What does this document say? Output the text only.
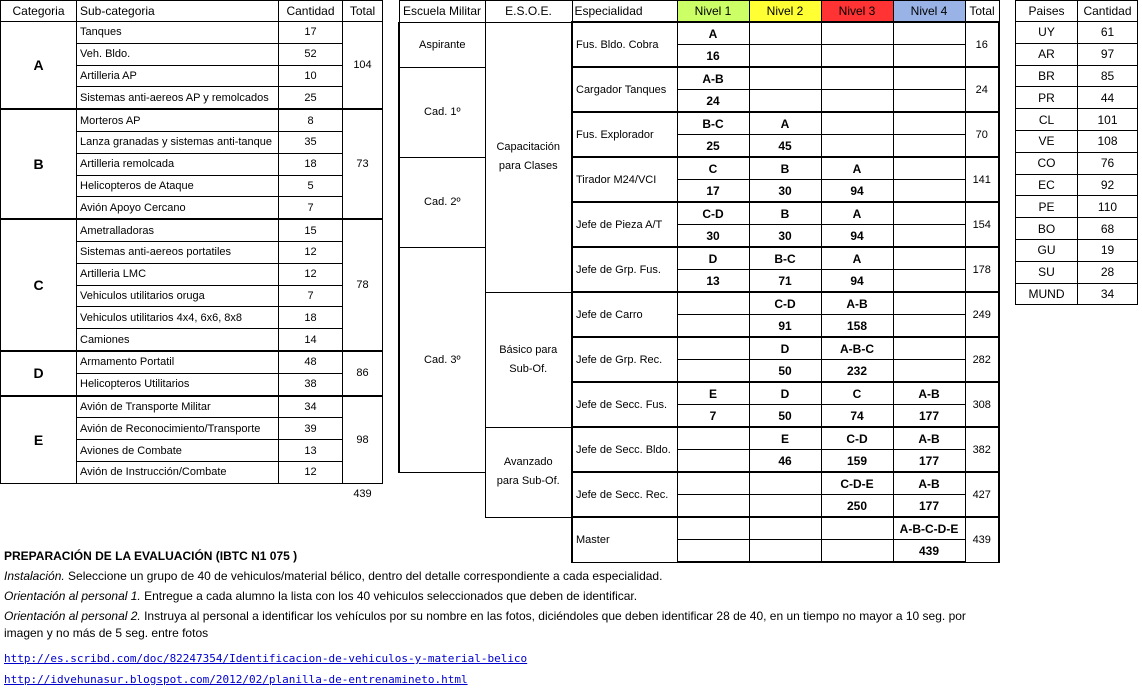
Categoria	Sub-categoria	Cantidad	Total
A	Tanques	17	104
	Veh. Bldo.	52	
	Artilleria AP	10	
	Sistemas anti-aereos AP y remolcados	25	
B	Morteros AP	8	73
	Lanza granadas y sistemas anti-tanque	35	
	Artilleria remolcada	18	
	Helicopteros de Ataque	5	
	Avión Apoyo Cercano	7	
C	Ametralladoras	15	78
	Sistemas anti-aereos portatiles	12	
	Artilleria LMC	12	
	Vehiculos utilitarios oruga	7	
	Vehiculos utilitarios 4x4, 6x6, 8x8	18	
	Camiones	14	
D	Armamento Portatil	48	86
	Helicopteros Utilitarios	38	
E	Avión de Transporte Militar	34	98
	Avión de Reconocimiento/Transporte	39	
	Aviones de Combate	13	
	Avión de Instrucción/Combate	12	
			439
Escuela Militar	E.S.O.E.	Especialidad	Nivel 1	Nivel 2	Nivel 3	Nivel 4	Total
Aspirante	Capacitación para Clases	Fus. Bldo. Cobra	A				16
			16				
Cad. 1º		Cargador Tanques	A-B				24
			24				
		Fus. Explorador	B-C	A			70
			25	45			
Cad. 2º		Tirador M24/VCI	C	B	A		141
			17	30	94		
		Jefe de Pieza A/T	C-D	B	A		154
			30	30	94		
Cad. 3º		Jefe de Grp. Fus.	D	B-C	A		178
			13	71	94		
	Básico para Sub-Of.	Jefe de Carro		C-D	A-B		249
				91	158		
		Jefe de Grp. Rec.		D	A-B-C		282
				50	232		
		Jefe de Secc. Fus.	E	D	C	A-B	308
			7	50	74	177	
	Avanzado para Sub-Of.	Jefe de Secc. Bldo.		E	C-D	A-B	382
				46	159	177	
		Jefe de Secc. Rec.			C-D-E	A-B	427
					250	177	
		Master				A-B-C-D-E	439
						439	
Paises	Cantidad
UY	61
AR	97
BR	85
PR	44
CL	101
VE	108
CO	76
EC	92
PE	110
BO	68
GU	19
SU	28
MUND	34
PREPARACIÓN DE LA EVALUACIÓN (IBTC N1 075 )

Instalación. Seleccione un grupo de 40 de vehiculos/material bélico, dentro del detalle correspondiente a cada especialidad.

Orientación al personal 1. Entregue a cada alumno la lista con los 40 vehiculos seleccionados que deben de identificar.

Orientación al personal 2. Instruya al personal a identificar los vehículos por su nombre en las fotos, diciéndoles que deben identificar 28 de 40, en un tiempo no mayor a 10 seg. por imagen y no más de 5 seg. entre fotos

http://es.scribd.com/doc/82247354/Identificacion-de-vehiculos-y-material-belico
http://idvehunasur.blogspot.com/2012/02/planilla-de-entrenamineto.html
